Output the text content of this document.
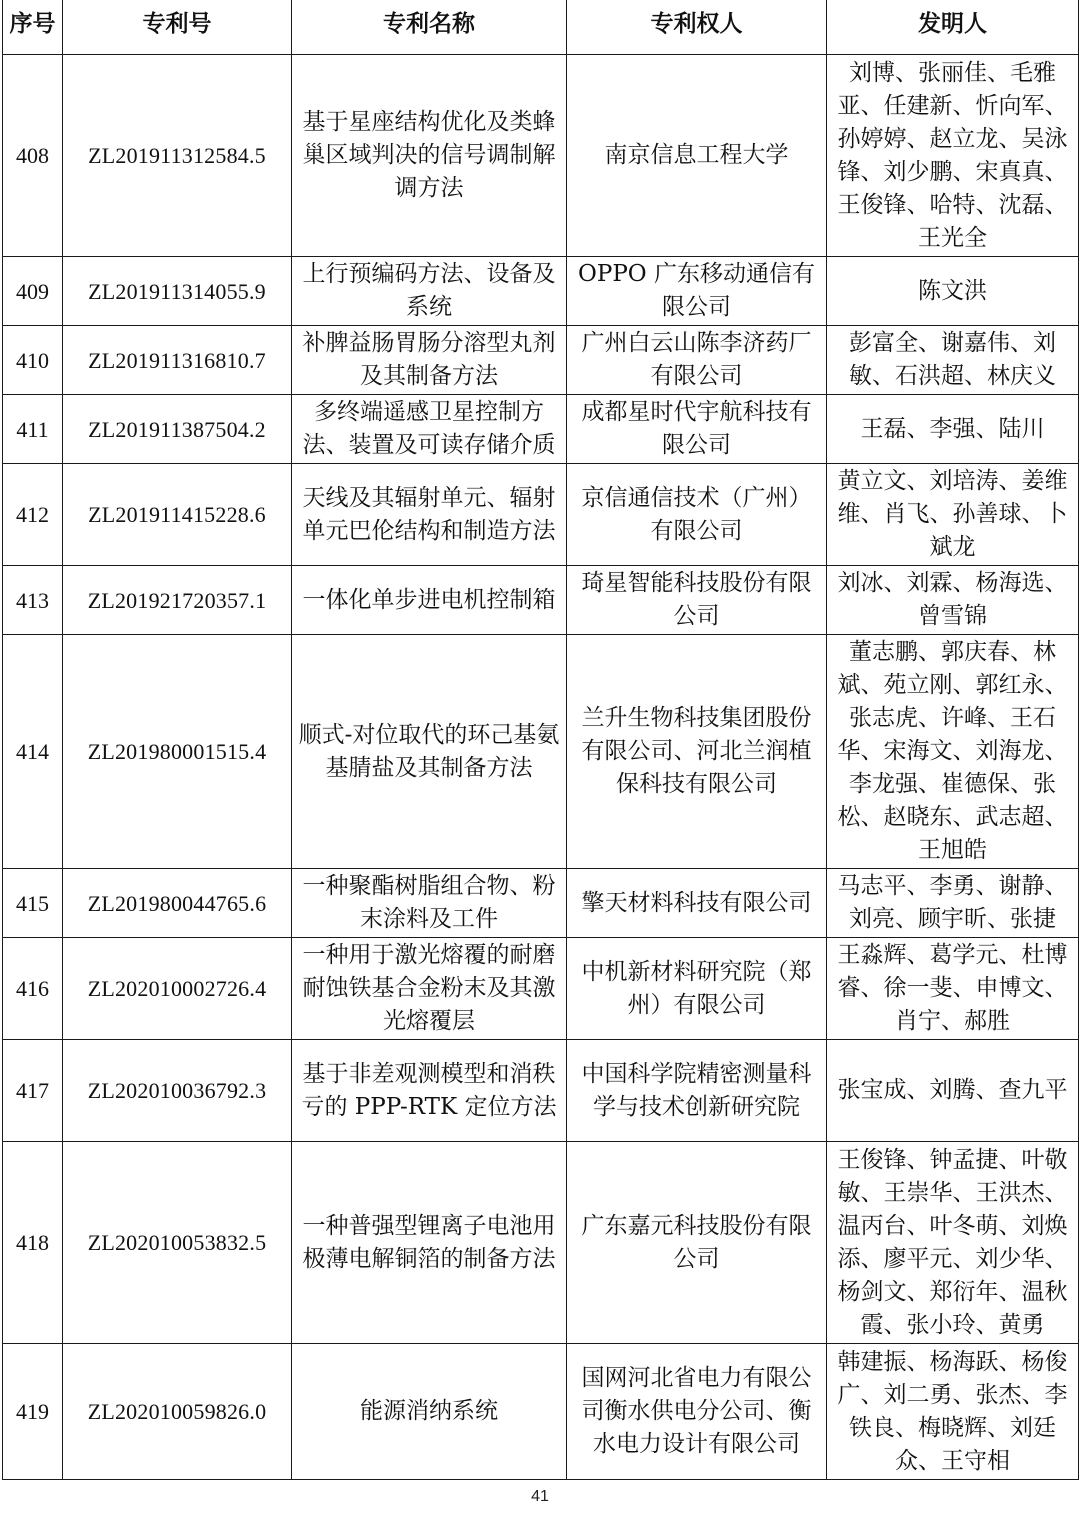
序号	专利号	专利名称	专利权人	发明人
408	ZL201911312584.5	基于星座结构优化及类蜂巢区域判决的信号调制解调方法	南京信息工程大学	刘博、张丽佳、毛雅亚、任建新、忻向军、孙婷婷、赵立龙、吴泳锋、刘少鹏、宋真真、王俊锋、哈特、沈磊、王光全
409	ZL201911314055.9	上行预编码方法、设备及系统	OPPO 广东移动通信有限公司	陈文洪
410	ZL201911316810.7	补脾益肠胃肠分溶型丸剂及其制备方法	广州白云山陈李济药厂有限公司	彭富全、谢嘉伟、刘敏、石洪超、林庆义
411	ZL201911387504.2	多终端遥感卫星控制方法、装置及可读存储介质	成都星时代宇航科技有限公司	王磊、李强、陆川
412	ZL201911415228.6	天线及其辐射单元、辐射单元巴伦结构和制造方法	京信通信技术（广州）有限公司	黄立文、刘培涛、姜维维、肖飞、孙善球、卜斌龙
413	ZL201921720357.1	一体化单步进电机控制箱	琦星智能科技股份有限公司	刘冰、刘霖、杨海选、曾雪锦
414	ZL201980001515.4	顺式-对位取代的环己基氨基腈盐及其制备方法	兰升生物科技集团股份有限公司、河北兰润植保科技有限公司	董志鹏、郭庆春、林斌、苑立刚、郭红永、张志虎、许峰、王石华、宋海文、刘海龙、李龙强、崔德保、张松、赵晓东、武志超、王旭皓
415	ZL201980044765.6	一种聚酯树脂组合物、粉末涂料及工件	擎天材料科技有限公司	马志平、李勇、谢静、刘亮、顾宇昕、张捷
416	ZL202010002726.4	一种用于激光熔覆的耐磨耐蚀铁基合金粉末及其激光熔覆层	中机新材料研究院（郑州）有限公司	王淼辉、葛学元、杜博睿、徐一斐、申博文、肖宁、郝胜
417	ZL202010036792.3	基于非差观测模型和消秩亏的 PPP-RTK 定位方法	中国科学院精密测量科学与技术创新研究院	张宝成、刘腾、查九平
418	ZL202010053832.5	一种普强型锂离子电池用极薄电解铜箔的制备方法	广东嘉元科技股份有限公司	王俊锋、钟孟捷、叶敬敏、王崇华、王洪杰、温丙台、叶冬萌、刘焕添、廖平元、刘少华、杨剑文、郑衍年、温秋霞、张小玲、黄勇
419	ZL202010059826.0	能源消纳系统	国网河北省电力有限公司衡水供电分公司、衡水电力设计有限公司	韩建振、杨海跃、杨俊广、刘二勇、张杰、李铁良、梅晓辉、刘廷众、王守相
41
